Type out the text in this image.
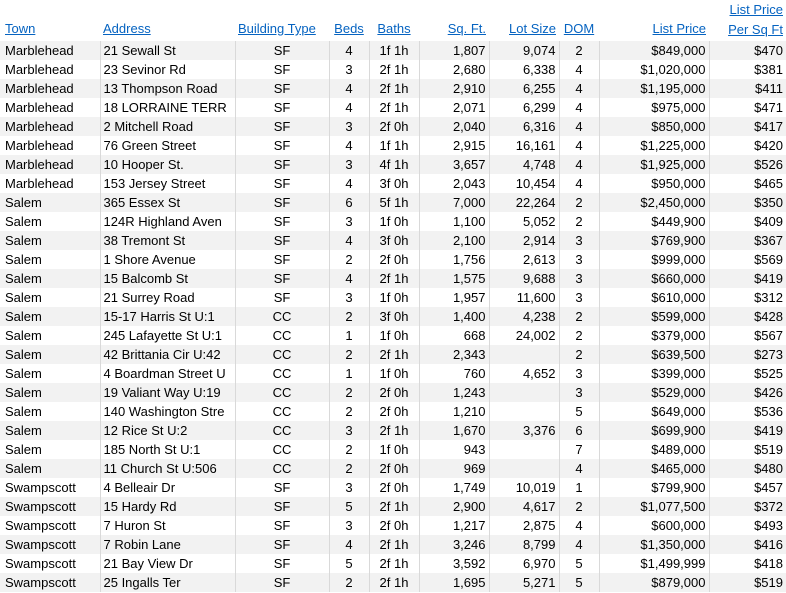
Town	Address	Building Type	Beds	Baths	Sq. Ft.	Lot Size	DOM	List Price	List Price
Per Sq Ft

Marblehead	21 Sewall St	SF	4	1f 1h	1,807	9,074	2	$849,000	$470
Marblehead	23 Sevinor Rd	SF	3	2f 1h	2,680	6,338	4	$1,020,000	$381
Marblehead	13 Thompson Road	SF	4	2f 1h	2,910	6,255	4	$1,195,000	$411
Marblehead	18 LORRAINE TERR	SF	4	2f 1h	2,071	6,299	4	$975,000	$471
Marblehead	2 Mitchell Road	SF	3	2f 0h	2,040	6,316	4	$850,000	$417
Marblehead	76 Green Street	SF	4	1f 1h	2,915	16,161	4	$1,225,000	$420
Marblehead	10 Hooper St.	SF	3	4f 1h	3,657	4,748	4	$1,925,000	$526
Marblehead	153 Jersey Street	SF	4	3f 0h	2,043	10,454	4	$950,000	$465
Salem	365 Essex St	SF	6	5f 1h	7,000	22,264	2	$2,450,000	$350
Salem	124R Highland Aven	SF	3	1f 0h	1,100	5,052	2	$449,900	$409
Salem	38 Tremont St	SF	4	3f 0h	2,100	2,914	3	$769,900	$367
Salem	1 Shore Avenue	SF	2	2f 0h	1,756	2,613	3	$999,000	$569
Salem	15 Balcomb St	SF	4	2f 1h	1,575	9,688	3	$660,000	$419
Salem	21 Surrey Road	SF	3	1f 0h	1,957	11,600	3	$610,000	$312
Salem	15-17 Harris St U:1	CC	2	3f 0h	1,400	4,238	2	$599,000	$428
Salem	245 Lafayette St U:1	CC	1	1f 0h	668	24,002	2	$379,000	$567
Salem	42 Brittania Cir U:42	CC	2	2f 1h	2,343		2	$639,500	$273
Salem	4 Boardman Street U	CC	1	1f 0h	760	4,652	3	$399,000	$525
Salem	19 Valiant Way U:19	CC	2	2f 0h	1,243		3	$529,000	$426
Salem	140 Washington Stre	CC	2	2f 0h	1,210		5	$649,000	$536
Salem	12 Rice St U:2	CC	3	2f 1h	1,670	3,376	6	$699,900	$419
Salem	185 North St U:1	CC	2	1f 0h	943		7	$489,000	$519
Salem	11 Church St U:506	CC	2	2f 0h	969		4	$465,000	$480
Swampscott	4 Belleair Dr	SF	3	2f 0h	1,749	10,019	1	$799,900	$457
Swampscott	15 Hardy Rd	SF	5	2f 1h	2,900	4,617	2	$1,077,500	$372
Swampscott	7 Huron St	SF	3	2f 0h	1,217	2,875	4	$600,000	$493
Swampscott	7 Robin Lane	SF	4	2f 1h	3,246	8,799	4	$1,350,000	$416
Swampscott	21 Bay View Dr	SF	5	2f 1h	3,592	6,970	5	$1,499,999	$418
Swampscott	25 Ingalls Ter	SF	2	2f 1h	1,695	5,271	5	$879,000	$519
